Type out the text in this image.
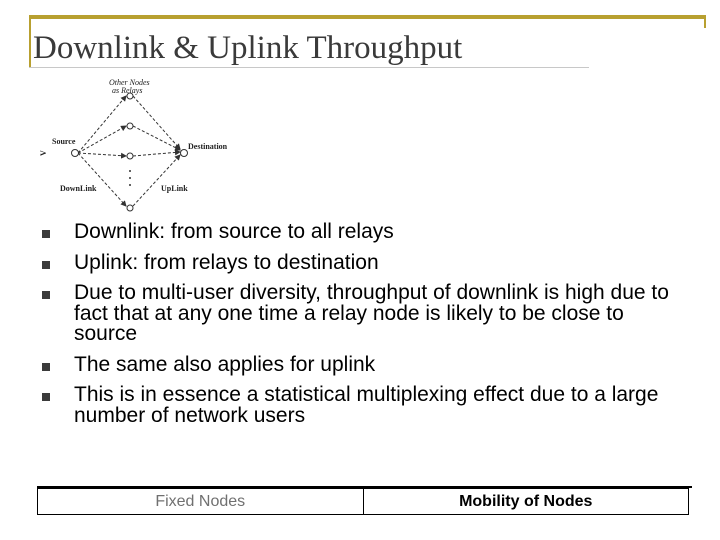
Downlink & Uplink Throughput
Other Nodes
as Relays
Source
Destination
DownLink	UpLink
V
Downlink: from source to all relays
Uplink: from relays to destination
Due to multi-user diversity, throughput of downlink is high due to fact that at any one time a relay node is likely to be close to source
The same also applies for uplink
This is in essence a statistical multiplexing effect due to a large number of network users
Fixed Nodes	Mobility of Nodes
